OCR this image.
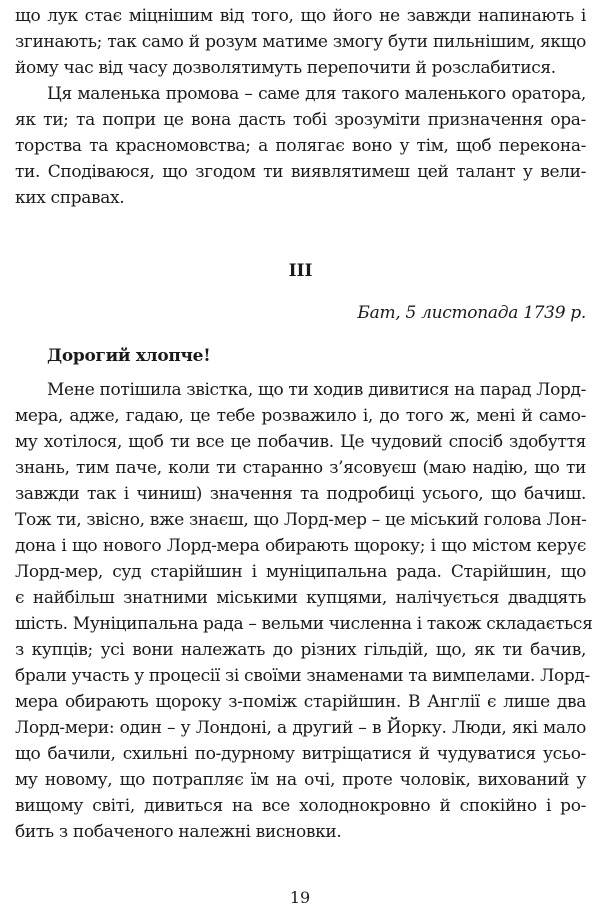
що лук стає міцнішим від того, що його не завжди напинають і
згинають; так само й розум матиме змогу бути пильнішим, якщо
йому час від часу дозволятимуть перепочити й розслабитися.
Ця маленька промова – саме для такого маленького оратора,
як ти; та попри це вона дасть тобі зрозуміти призначення ора-
торства та красномовства; а полягає воно у тім, щоб переконa-
ти. Сподіваюся, що згодом ти виявлятимеш цей талант у вели-
ких справах.
III
Бат, 5 листопада 1739 р.
Дорогий хлопче!
Мене потішила звістка, що ти ходив дивитися на парад Лорд-
мера, адже, гадаю, це тебе розважило і, до того ж, мені й само-
му хотілося, щоб ти все це побачив. Це чудовий спосіб здобуття
знань, тим паче, коли ти старанно з’ясовуєш (маю надію, що ти
завжди так і чиниш) значення та подробиці усього, що бачиш.
Тож ти, звісно, вже знаєш, що Лорд-мер – це міський голова Лон-
дона і що нового Лорд-мера обирають щороку; і що містом керує
Лорд-мер, суд старійшин і муніципальна рада. Старійшин, що
є найбільш знатними міськими купцями, налічується двадцять
шість. Муніципальна рада – вельми численна і також складається
з купців; усі вони належать до різних гільдій, що, як ти бачив,
брали участь у процесії зі своїми знаменами та вимпелами. Лорд-
мера обирають щороку з-поміж старійшин. В Англії є лише два
Лорд-мери: один – у Лондоні, а другий – в Йорку. Люди, які мало
що бачили, схильні по-дурному витріщатися й чудуватися усьо-
му новому, що потрапляє їм на очі, проте чоловік, вихований у
вищому світі, дивиться на все холоднокровно й спокійно і ро-
бить з побаченого належні висновки.
19
